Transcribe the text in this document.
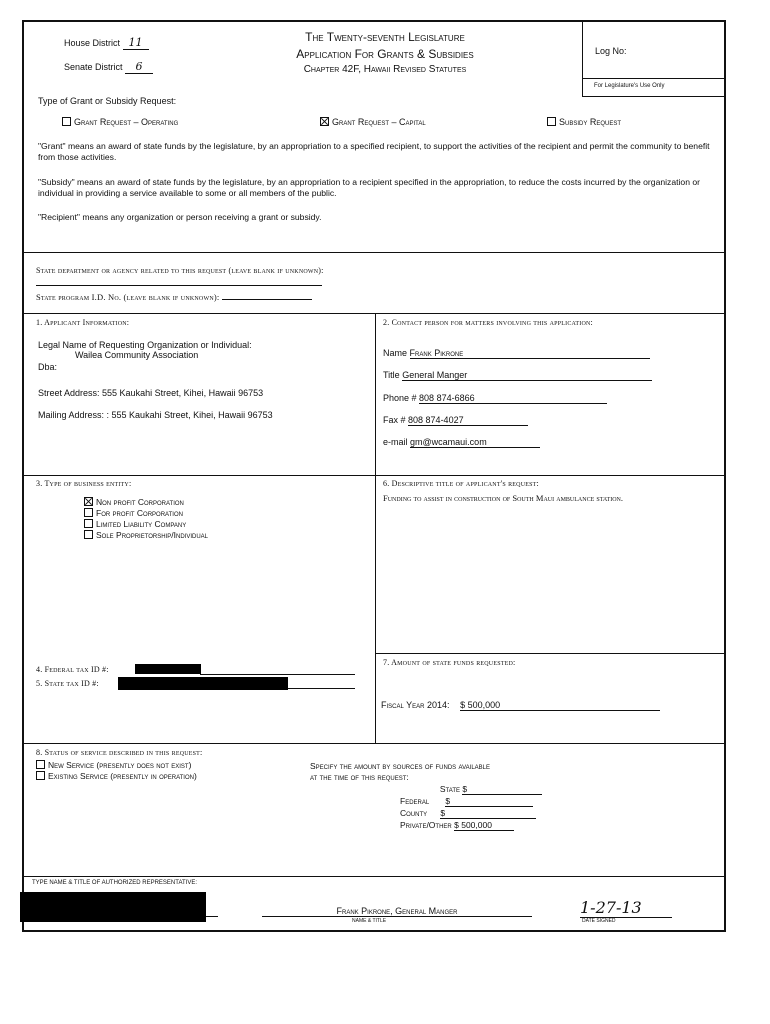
House District 11
Senate District 6
The Twenty-seventh Legislature
Application For Grants & Subsidies
Chapter 42F, Hawaii Revised Statutes
Log No:
For Legislature's Use Only
Type of Grant or Subsidy Request:
Grant Request – Operating	Grant Request – Capital	Subsidy Request
"Grant" means an award of state funds by the legislature, by an appropriation to a specified recipient, to support the activities of the recipient and permit the community to benefit from those activities.
"Subsidy" means an award of state funds by the legislature, by an appropriation to a recipient specified in the appropriation, to reduce the costs incurred by the organization or individual in providing a service available to some or all members of the public.
"Recipient" means any organization or person receiving a grant or subsidy.
State department or agency related to this request (leave blank if unknown):
State program I.D. No. (leave blank if unknown):
1. Applicant Information:
Legal Name of Requesting Organization or Individual:
Wailea Community Association
Dba:
Street Address: 555 Kaukahi Street, Kihei, Hawaii 96753
Mailing Address: : 555 Kaukahi Street, Kihei, Hawaii 96753
2. Contact person for matters involving this application:
Name Frank Pikrone
Title General Manger
Phone # 808 874-6866
Fax # 808 874-4027
e-mail gm@wcamaui.com
3. Type of business entity:
Non profit Corporation
For profit Corporation
Limited Liability Company
Sole Proprietorship/Individual
6. Descriptive title of applicant's request:
Funding to assist in construction of South Maui ambulance station.
4. Federal tax ID #:
5. State tax ID #:
7. Amount of state funds requested:
Fiscal Year 2014: $ 500,000
8. Status of service described in this request:
New Service (presently does not exist)
Existing Service (presently in operation)
Specify the amount by sources of funds available
at the time of this request:
State $
Federal $
County $
Private/Other $ 500,000
TYPE NAME & TITLE OF AUTHORIZED REPRESENTATIVE:
Frank Pikrone, General Manger
NAME & TITLE
1-27-13
DATE SIGNED
